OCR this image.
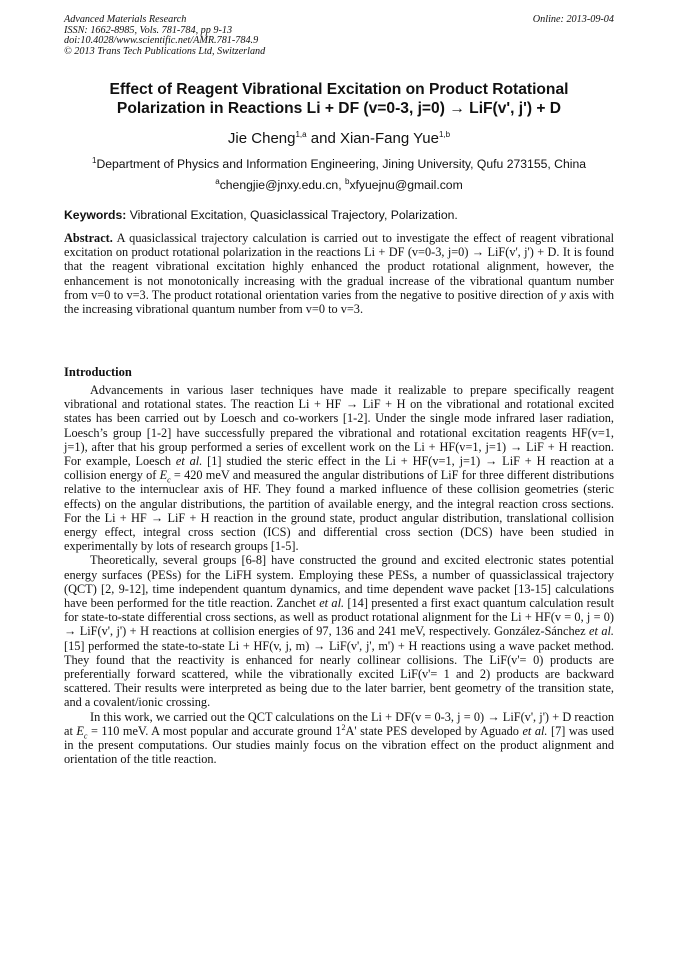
Advanced Materials Research
ISSN: 1662-8985, Vols. 781-784, pp 9-13
doi:10.4028/www.scientific.net/AMR.781-784.9
© 2013 Trans Tech Publications Ltd, Switzerland
Online: 2013-09-04
Effect of Reagent Vibrational Excitation on Product Rotational
Polarization in Reactions Li + DF (v=0-3, j=0) → LiF(v', j') + D
Jie Cheng$^{1,a}$ and Xian-Fang Yue$^{1,b}$
$^1$Department of Physics and Information Engineering, Jining University, Qufu 273155, China
$^a$chengjie@jnxy.edu.cn, $^b$xfyuejnu@gmail.com
Keywords: Vibrational Excitation, Quasiclassical Trajectory, Polarization.
Abstract. A quasiclassical trajectory calculation is carried out to investigate the effect of reagent vibrational excitation on product rotational polarization in the reactions Li + DF (v=0-3, j=0) → LiF(v', j') + D. It is found that the reagent vibrational excitation highly enhanced the product rotational alignment, however, the enhancement is not monotonically increasing with the gradual increase of the vibrational quantum number from v=0 to v=3. The product rotational orientation varies from the negative to positive direction of y axis with the increasing vibrational quantum number from v=0 to v=3.
Introduction

Advancements in various laser techniques have made it realizable to prepare specifically reagent vibrational and rotational states. The reaction Li + HF → LiF + H on the vibrational and rotational excited states has been carried out by Loesch and co-workers [1-2]. Under the single mode infrared laser radiation, Loesch’s group [1-2] have successfully prepared the vibrational and rotational excitation reagents HF(v=1, j=1), after that his group performed a series of excellent work on the Li + HF(v=1, j=1) → LiF + H reaction. For example, Loesch et al. [1] studied the steric effect in the Li + HF(v=1, j=1) → LiF + H reaction at a collision energy of $E_c = 420$ meV and measured the angular distributions of LiF for three different distributions relative to the internuclear axis of HF. They found a marked influence of these collision geometries (steric effects) on the angular distributions, the partition of available energy, and the integral reaction cross sections. For the Li + HF → LiF + H reaction in the ground state, product angular distribution, translational collision energy effect, integral cross section (ICS) and differential cross section (DCS) have been studied in experimentally by lots of research groups [1-5].

Theoretically, several groups [6-8] have constructed the ground and excited electronic states potential energy surfaces (PESs) for the LiFH system. Employing these PESs, a number of quassiclassical trajectory (QCT) [2, 9-12], time independent quantum dynamics, and time dependent wave packet [13-15] calculations have been performed for the title reaction. Zanchet et al. [14] presented a first exact quantum calculation result for state-to-state differential cross sections, as well as product rotational alignment for the Li + HF(v = 0, j = 0) → LiF(v', j') + H reactions at collision energies of 97, 136 and 241 meV, respectively. González-Sánchez et al. [15] performed the state-to-state Li + HF(v, j, m) → LiF(v', j', m') + H reactions using a wave packet method. They found that the reactivity is enhanced for nearly collinear collisions. The LiF(v'= 0) products are preferentially forward scattered, while the vibrationally excited LiF(v'= 1 and 2) products are backward scattered. Their results were interpreted as being due to the later barrier, bent geometry of the transition state, and a covalent/ionic crossing.

In this work, we carried out the QCT calculations on the Li + DF(v = 0-3, j = 0) → LiF(v', j') + D reaction at $E_c = 110$ meV. A most popular and accurate ground $1^2A'$ state PES developed by Aguado et al. [7] was used in the present computations. Our studies mainly focus on the vibration effect on the product alignment and orientation of the title reaction.
